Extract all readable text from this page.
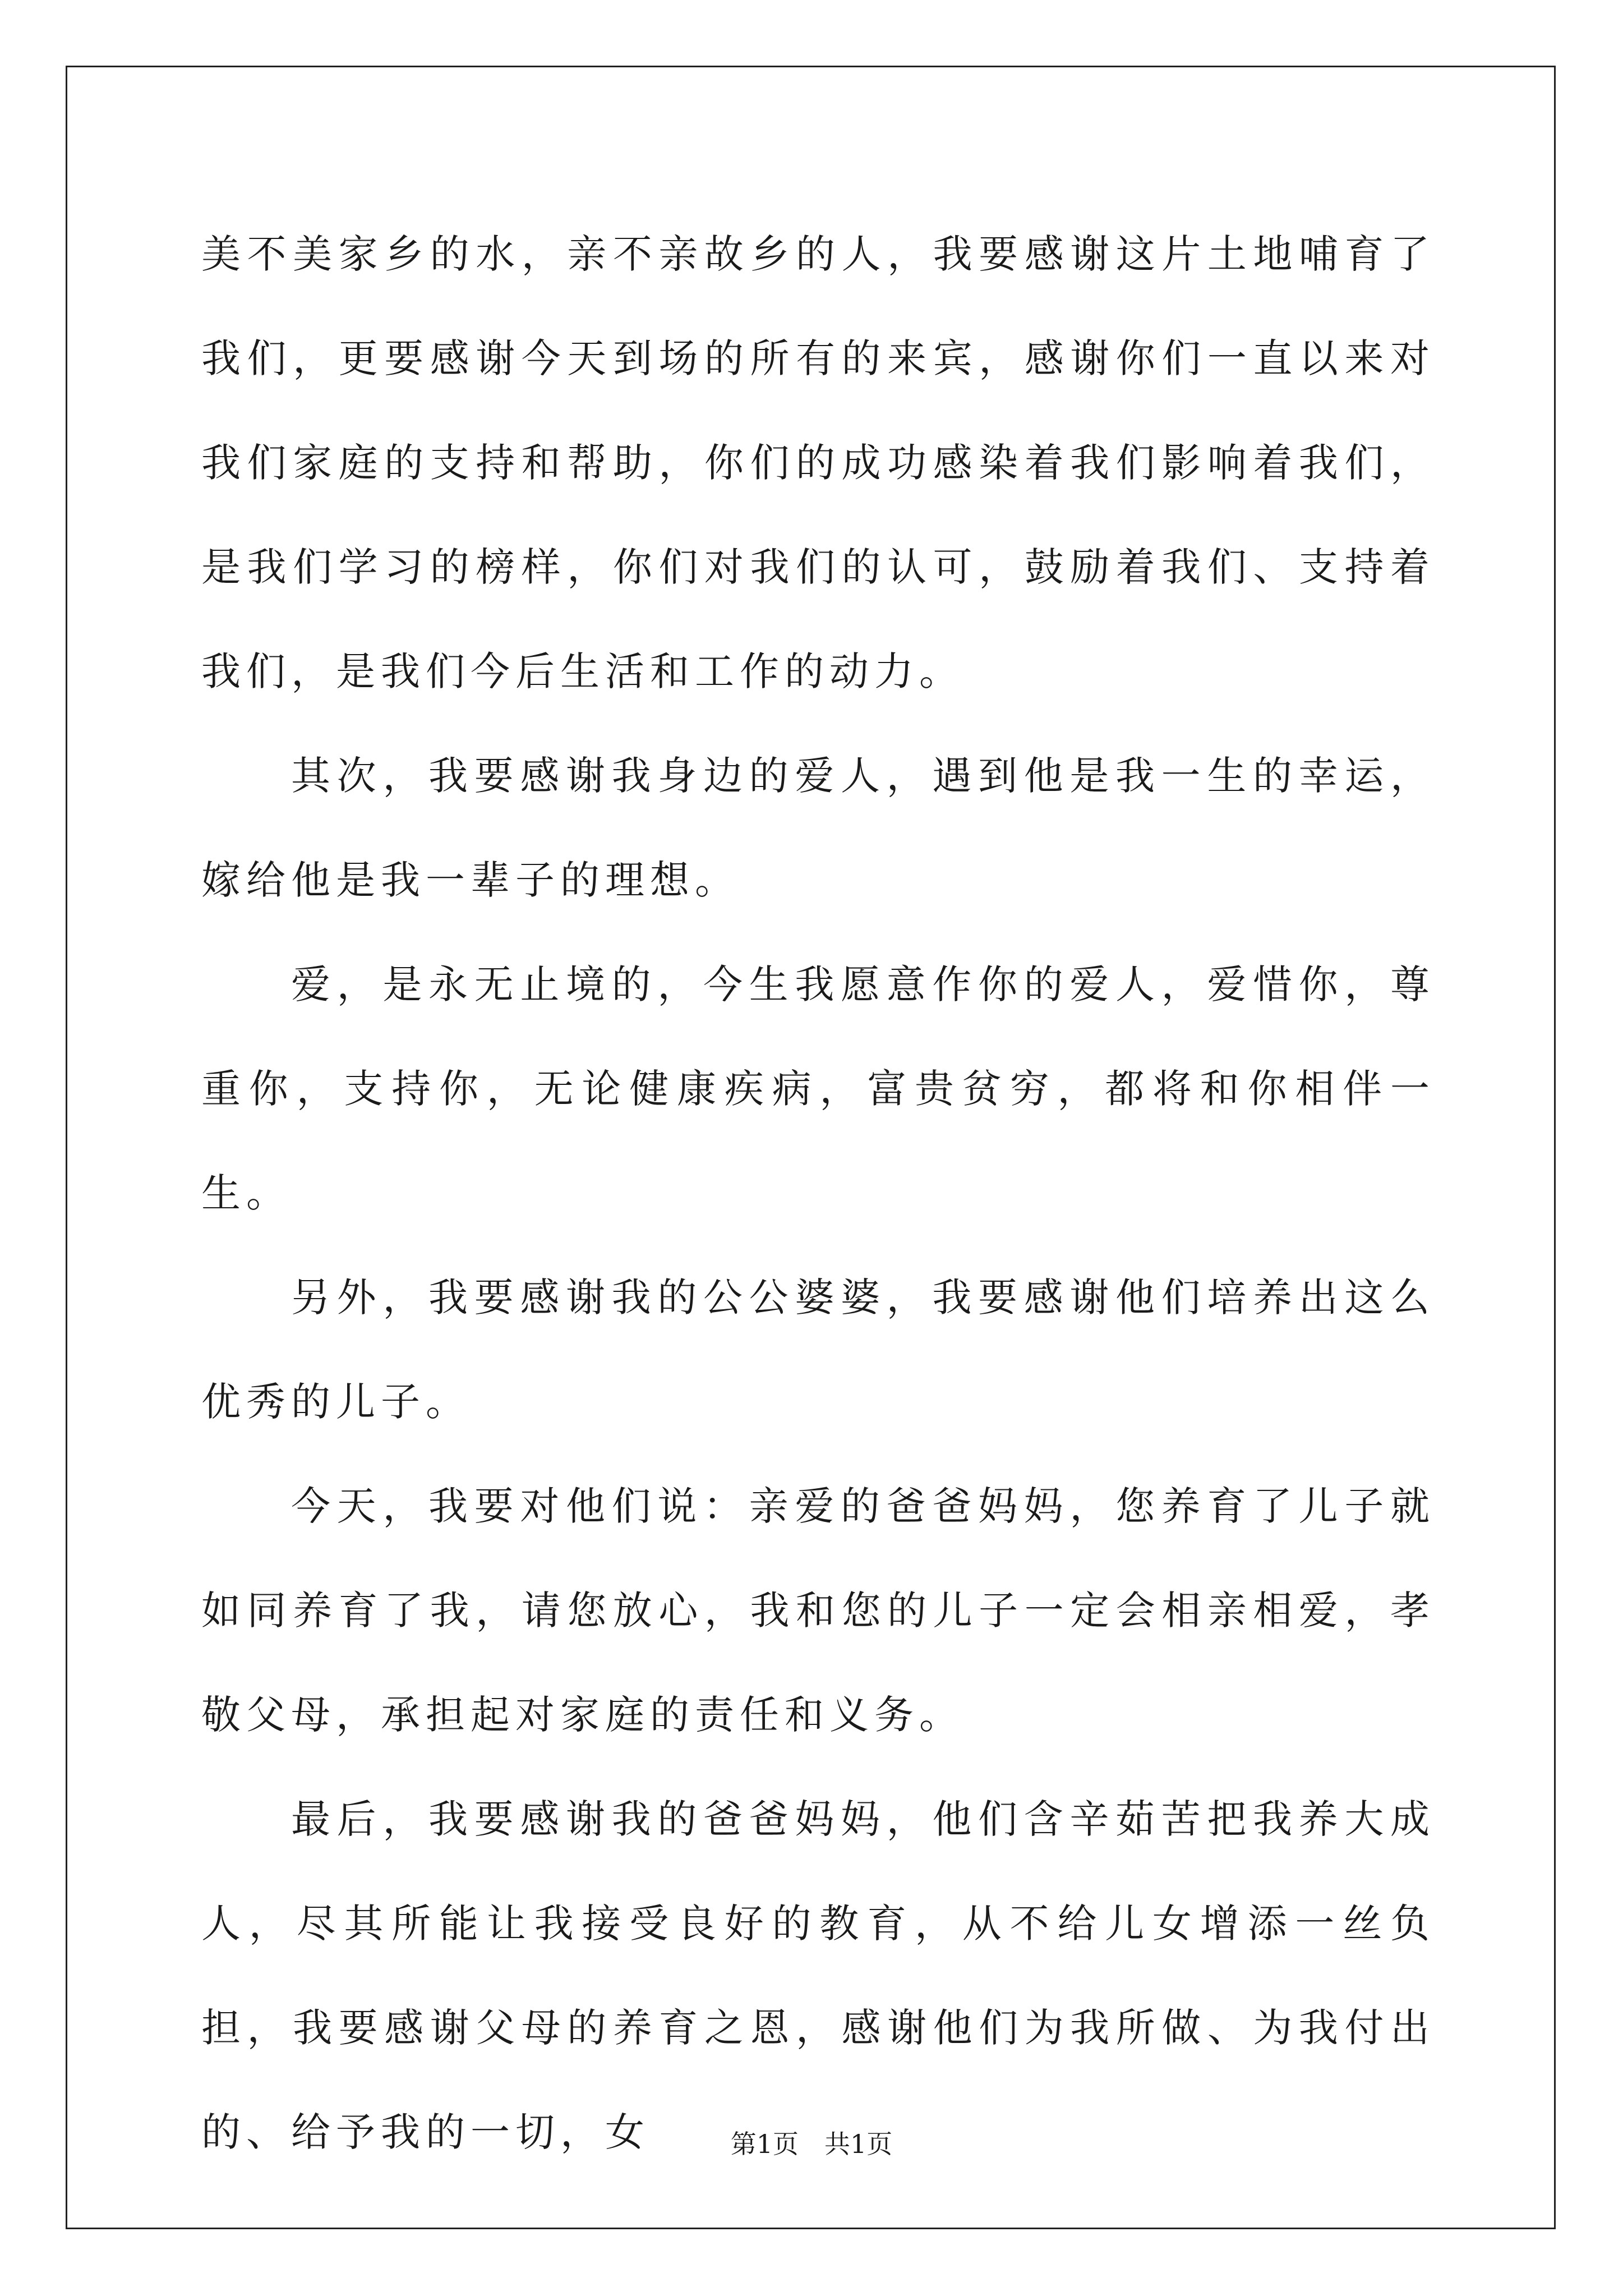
美不美家乡的水，亲不亲故乡的人，我要感谢这片土地哺育了我们，更要感谢今天到场的所有的来宾，感谢你们一直以来对我们家庭的支持和帮助，你们的成功感染着我们影响着我们，是我们学习的榜样，你们对我们的认可，鼓励着我们、支持着我们，是我们今后生活和工作的动力。

其次，我要感谢我身边的爱人，遇到他是我一生的幸运，嫁给他是我一辈子的理想。

爱，是永无止境的，今生我愿意作你的爱人，爱惜你，尊重你，支持你，无论健康疾病，富贵贫穷，都将和你相伴一生。

另外，我要感谢我的公公婆婆，我要感谢他们培养出这么优秀的儿子。

今天，我要对他们说：亲爱的爸爸妈妈，您养育了儿子就如同养育了我，请您放心，我和您的儿子一定会相亲相爱，孝敬父母，承担起对家庭的责任和义务。

最后，我要感谢我的爸爸妈妈，他们含辛茹苦把我养大成人，尽其所能让我接受良好的教育，从不给儿女增添一丝负担，我要感谢父母的养育之恩，感谢他们为我所做、为我付出的、给予我的一切，女	第1页　共1页
